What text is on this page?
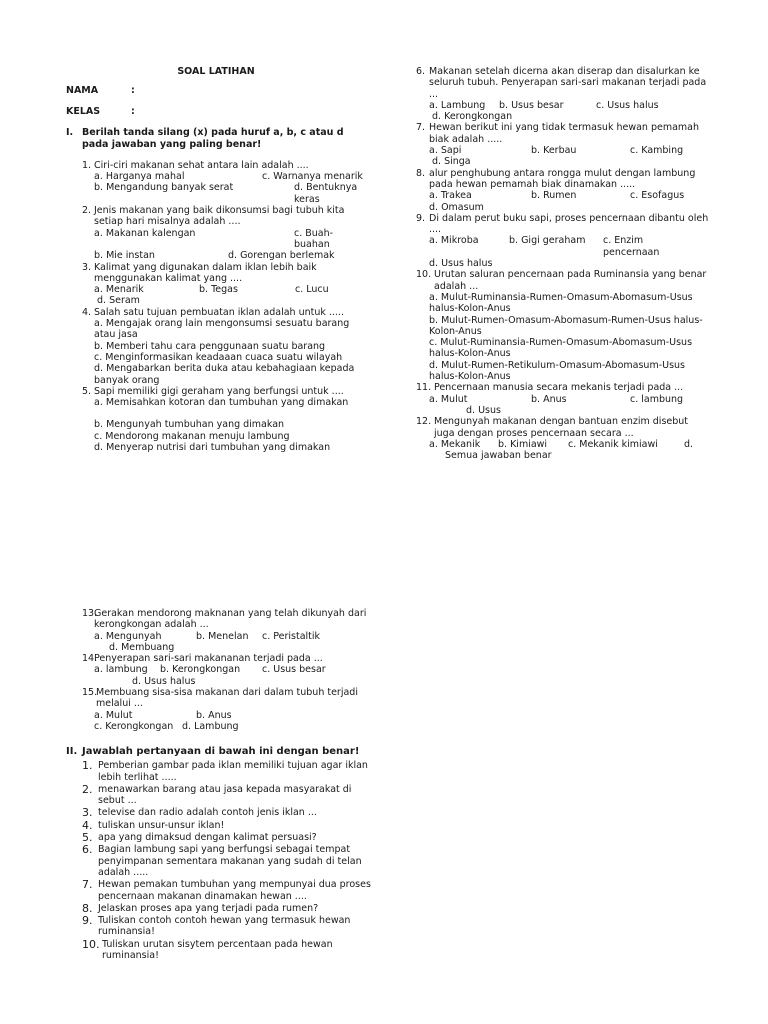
SOAL LATIHAN
NAMA	:
KELAS	:
I. Berilah tanda silang (x) pada huruf a, b, c atau d pada jawaban yang paling benar!
1. Ciri-ciri makanan sehat antara lain adalah ....
a. Harganya mahal	c. Warnanya menarik
b. Mengandung banyak serat	d. Bentuknya keras
2. Jenis makanan yang baik dikonsumsi bagi tubuh kita setiap hari misalnya adalah ....
a. Makanan kalengan	c. Buah-buahan
b. Mie instan	d. Gorengan berlemak
3. Kalimat yang digunakan dalam iklan lebih baik menggunakan kalimat yang ....
a. Menarik	b. Tegas	c. Lucu
d. Seram
4. Salah satu tujuan pembuatan iklan adalah untuk .....
a. Mengajak orang lain mengonsumsi sesuatu barang atau jasa
b. Memberi tahu cara penggunaan suatu barang
c. Menginformasikan keadaaan cuaca suatu wilayah
d. Mengabarkan berita duka atau kebahagiaan kepada banyak orang
5. Sapi memiliki gigi geraham yang berfungsi untuk ....
a. Memisahkan kotoran dan tumbuhan yang dimakan
b. Mengunyah tumbuhan yang dimakan
c. Mendorong makanan menuju lambung
d. Menyerap nutrisi dari tumbuhan yang dimakan
6. Makanan setelah dicerna akan diserap dan disalurkan ke seluruh tubuh. Penyerapan sari-sari makanan terjadi pada ...
a. Lambung	b. Usus besar	c. Usus halus
d. Kerongkongan
7. Hewan berikut ini yang tidak termasuk hewan pemamah biak adalah .....
a. Sapi	b. Kerbau	c. Kambing
d. Singa
8. alur penghubung antara rongga mulut dengan lambung pada hewan pemamah biak dinamakan .....
a. Trakea	b. Rumen	c. Esofagus
d. Omasum
9. Di dalam perut buku sapi, proses pencernaan dibantu oleh ....
a. Mikroba	b. Gigi geraham	c. Enzim pencernaan
d. Usus halus
10. Urutan saluran pencernaan pada Ruminansia yang benar adalah ...
a. Mulut-Ruminansia-Rumen-Omasum-Abomasum-Usus halus-Kolon-Anus
b. Mulut-Rumen-Omasum-Abomasum-Rumen-Usus halus-Kolon-Anus
c. Mulut-Ruminansia-Rumen-Omasum-Abomasum-Usus halus-Kolon-Anus
d. Mulut-Rumen-Retikulum-Omasum-Abomasum-Usus halus-Kolon-Anus
11. Pencernaan manusia secara mekanis terjadi pada ...
a. Mulut	b. Anus	c. lambung
d. Usus
12. Mengunyah makanan dengan bantuan enzim disebut juga dengan proses pencernaan secara ...
a. Mekanik	b. Kimiawi	c. Mekanik kimiawi	d.
Semua jawaban benar
13.
Gerakan mendorong maknanan yang telah dikunyah dari kerongkongan adalah ...
a. Mengunyah	b. Menelan	c. Peristaltik
d. Membuang
14.
Penyerapan sari-sari makananan terjadi pada ...
a. lambung	b. Kerongkongan	c. Usus besar
d. Usus halus
15.
Membuang sisa-sisa makanan dari dalam tubuh terjadi melalui ...
a. Mulut	b. Anus
c. Kerongkongan d. Lambung
II. Jawablah pertanyaan di bawah ini dengan benar!
1. Pemberian gambar pada iklan memiliki tujuan agar iklan lebih terlihat .....
2. menawarkan barang atau jasa kepada masyarakat di sebut ...
3. televise dan radio adalah contoh jenis iklan ...
4. tuliskan unsur-unsur iklan!
5. apa yang dimaksud dengan kalimat persuasi?
6. Bagian lambung sapi yang berfungsi sebagai tempat penyimpanan sementara makanan yang sudah di telan adalah .....
7. Hewan pemakan tumbuhan yang mempunyai dua proses pencernaan makanan dinamakan hewan ....
8. Jelaskan proses apa yang terjadi pada rumen?
9. Tuliskan contoh contoh hewan yang termasuk hewan ruminansia!
10. Tuliskan urutan sisytem percentaan pada hewan ruminansia!
